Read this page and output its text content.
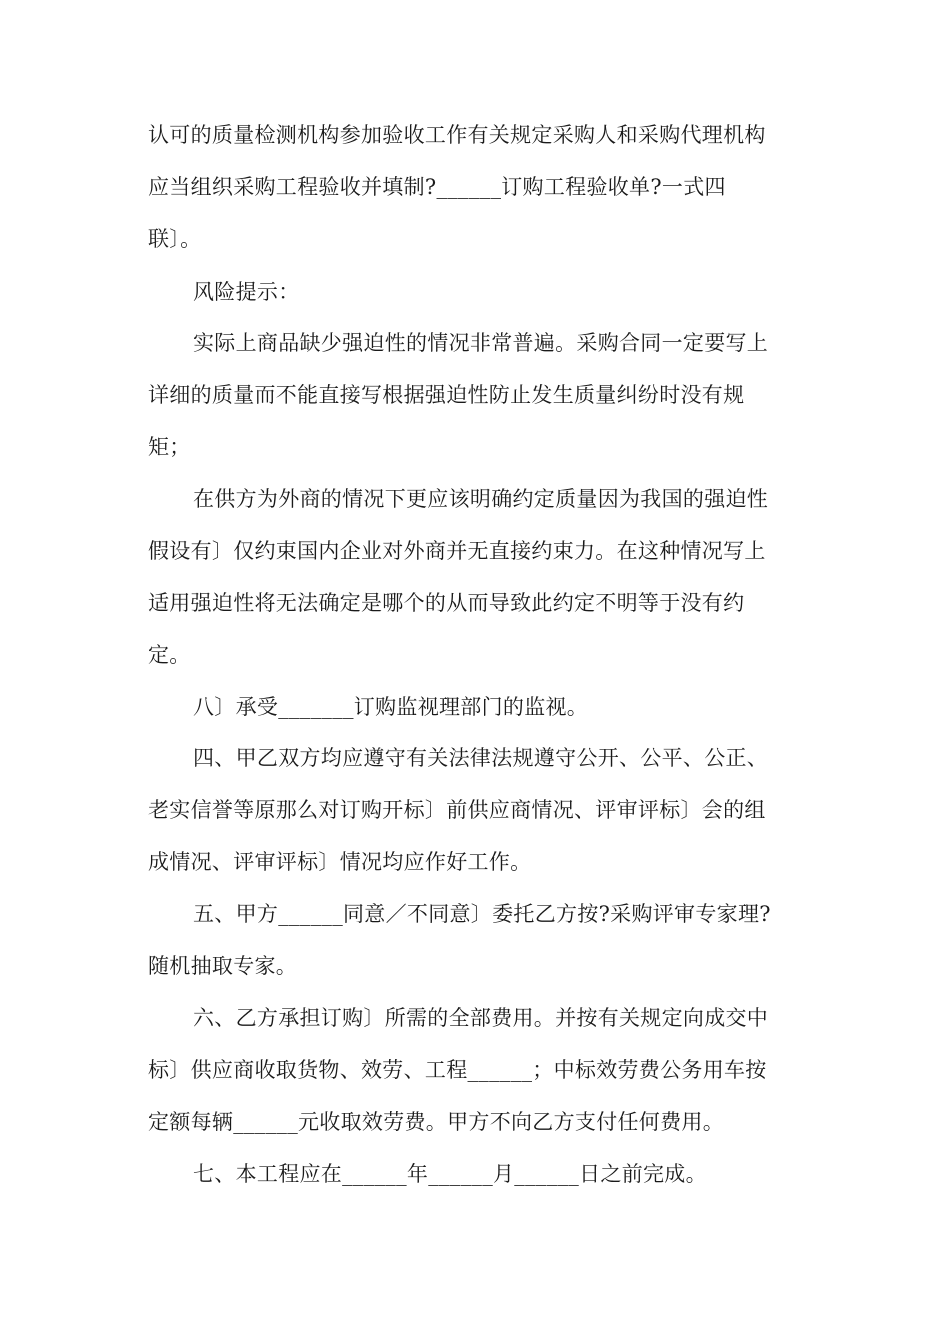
认可的质量检测机构参加验收工作有关规定采购人和采购代理机构
应当组织采购工程验收并填制?______订购工程验收单?一式四
联〕。
风险提示：
实际上商品缺少强迫性的情况非常普遍。采购合同一定要写上
详细的质量而不能直接写根据强迫性防止发生质量纠纷时没有规
矩；
在供方为外商的情况下更应该明确约定质量因为我国的强迫性
假设有〕仅约束国内企业对外商并无直接约束力。在这种情况写上
适用强迫性将无法确定是哪个的从而导致此约定不明等于没有约
定。
八〕承受_______订购监视理部门的监视。
四、甲乙双方均应遵守有关法律法规遵守公开、公平、公正、
老实信誉等原那么对订购开标〕前供应商情况、评审评标〕会的组
成情况、评审评标〕情况均应作好工作。
五、甲方______同意／不同意〕委托乙方按?采购评审专家理?
随机抽取专家。
六、乙方承担订购〕所需的全部费用。并按有关规定向成交中
标〕供应商收取货物、效劳、工程______；中标效劳费公务用车按
定额每辆______元收取效劳费。甲方不向乙方支付任何费用。
七、本工程应在______年______月______日之前完成。
